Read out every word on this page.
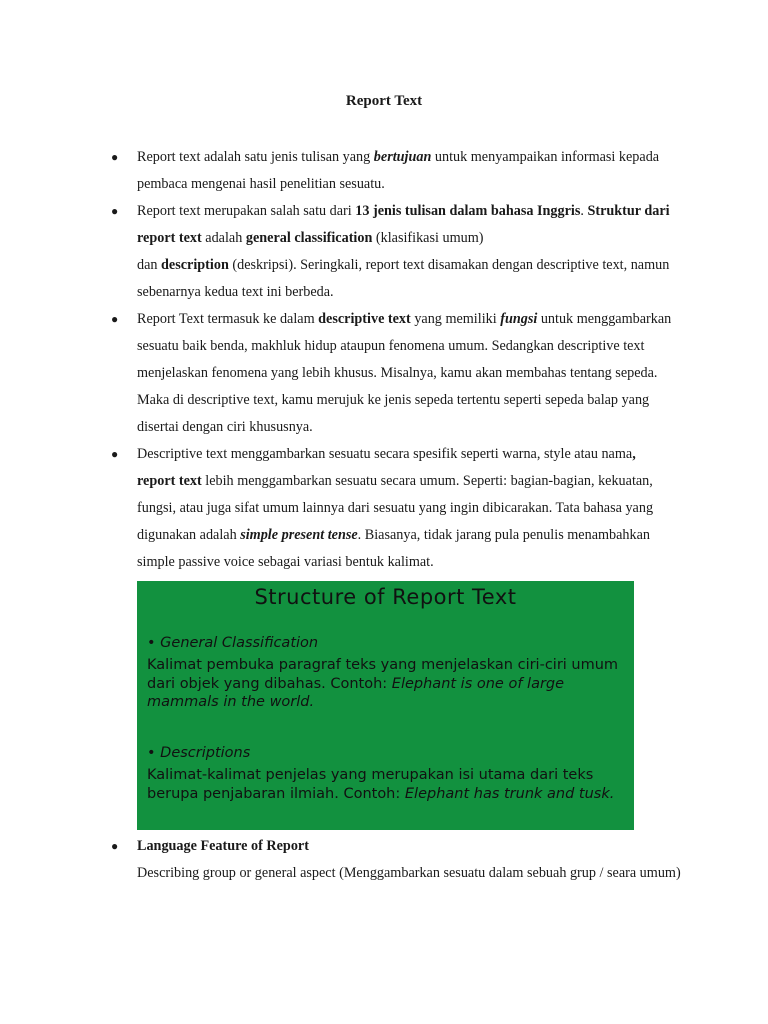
Report Text
● Report text adalah satu jenis tulisan yang bertujuan untuk menyampaikan informasi kepada pembaca mengenai hasil penelitian sesuatu.
● Report text merupakan salah satu dari 13 jenis tulisan dalam bahasa Inggris. Struktur dari report text adalah general classification (klasifikasi umum)
dan description (deskripsi). Seringkali, report text disamakan dengan descriptive text, namun sebenarnya kedua text ini berbeda.
● Report Text termasuk ke dalam descriptive text yang memiliki fungsi untuk menggambarkan sesuatu baik benda, makhluk hidup ataupun fenomena umum. Sedangkan descriptive text menjelaskan fenomena yang lebih khusus. Misalnya, kamu akan membahas tentang sepeda. Maka di descriptive text, kamu merujuk ke jenis sepeda tertentu seperti sepeda balap yang disertai dengan ciri khususnya.
● Descriptive text menggambarkan sesuatu secara spesifik seperti warna, style atau nama,
report text lebih menggambarkan sesuatu secara umum. Seperti: bagian-bagian, kekuatan, fungsi, atau juga sifat umum lainnya dari sesuatu yang ingin dibicarakan. Tata bahasa yang digunakan adalah simple present tense. Biasanya, tidak jarang pula penulis menambahkan simple passive voice sebagai variasi bentuk kalimat.
Structure of Report Text
• General Classification
Kalimat pembuka paragraf teks yang menjelaskan ciri-ciri umum dari objek yang dibahas. Contoh: Elephant is one of large mammals in the world.
• Descriptions
Kalimat-kalimat penjelas yang merupakan isi utama dari teks berupa penjabaran ilmiah. Contoh: Elephant has trunk and tusk.
● Language Feature of Report
Describing group or general aspect (Menggambarkan sesuatu dalam sebuah grup / seara umum)
